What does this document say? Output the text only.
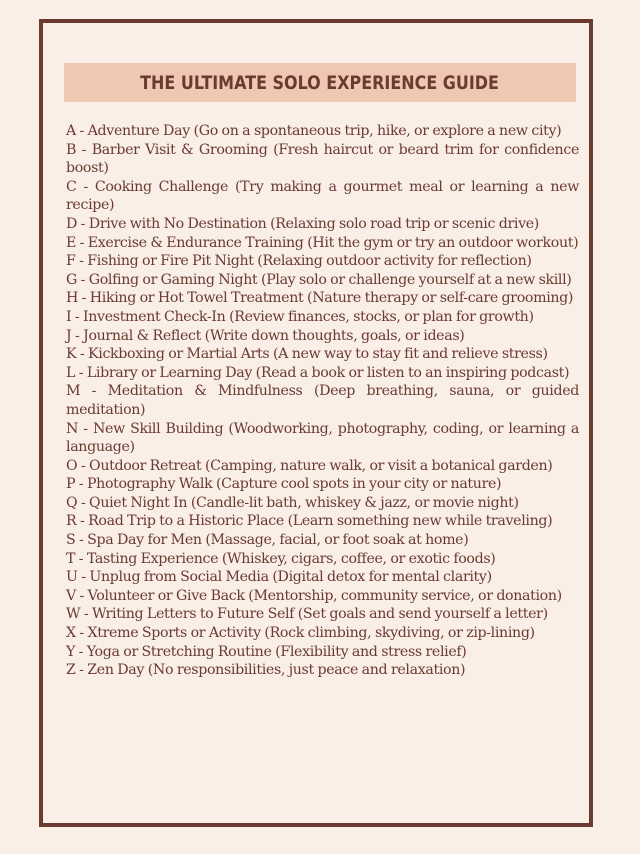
THE ULTIMATE SOLO EXPERIENCE GUIDE
A - Adventure Day (Go on a spontaneous trip, hike, or explore a new city)
B - Barber Visit & Grooming (Fresh haircut or beard trim for confidence boost)
C - Cooking Challenge (Try making a gourmet meal or learning a new recipe)
D - Drive with No Destination (Relaxing solo road trip or scenic drive)
E - Exercise & Endurance Training (Hit the gym or try an outdoor workout)
F - Fishing or Fire Pit Night (Relaxing outdoor activity for reflection)
G - Golfing or Gaming Night (Play solo or challenge yourself at a new skill)
H - Hiking or Hot Towel Treatment (Nature therapy or self-care grooming)
I - Investment Check-In (Review finances, stocks, or plan for growth)
J - Journal & Reflect (Write down thoughts, goals, or ideas)
K - Kickboxing or Martial Arts (A new way to stay fit and relieve stress)
L - Library or Learning Day (Read a book or listen to an inspiring podcast)
M - Meditation & Mindfulness (Deep breathing, sauna, or guided meditation)
N - New Skill Building (Woodworking, photography, coding, or learning a language)
O - Outdoor Retreat (Camping, nature walk, or visit a botanical garden)
P - Photography Walk (Capture cool spots in your city or nature)
Q - Quiet Night In (Candle-lit bath, whiskey & jazz, or movie night)
R - Road Trip to a Historic Place (Learn something new while traveling)
S - Spa Day for Men (Massage, facial, or foot soak at home)
T - Tasting Experience (Whiskey, cigars, coffee, or exotic foods)
U - Unplug from Social Media (Digital detox for mental clarity)
V - Volunteer or Give Back (Mentorship, community service, or donation)
W - Writing Letters to Future Self (Set goals and send yourself a letter)
X - Xtreme Sports or Activity (Rock climbing, skydiving, or zip-lining)
Y - Yoga or Stretching Routine (Flexibility and stress relief)
Z - Zen Day (No responsibilities, just peace and relaxation)
